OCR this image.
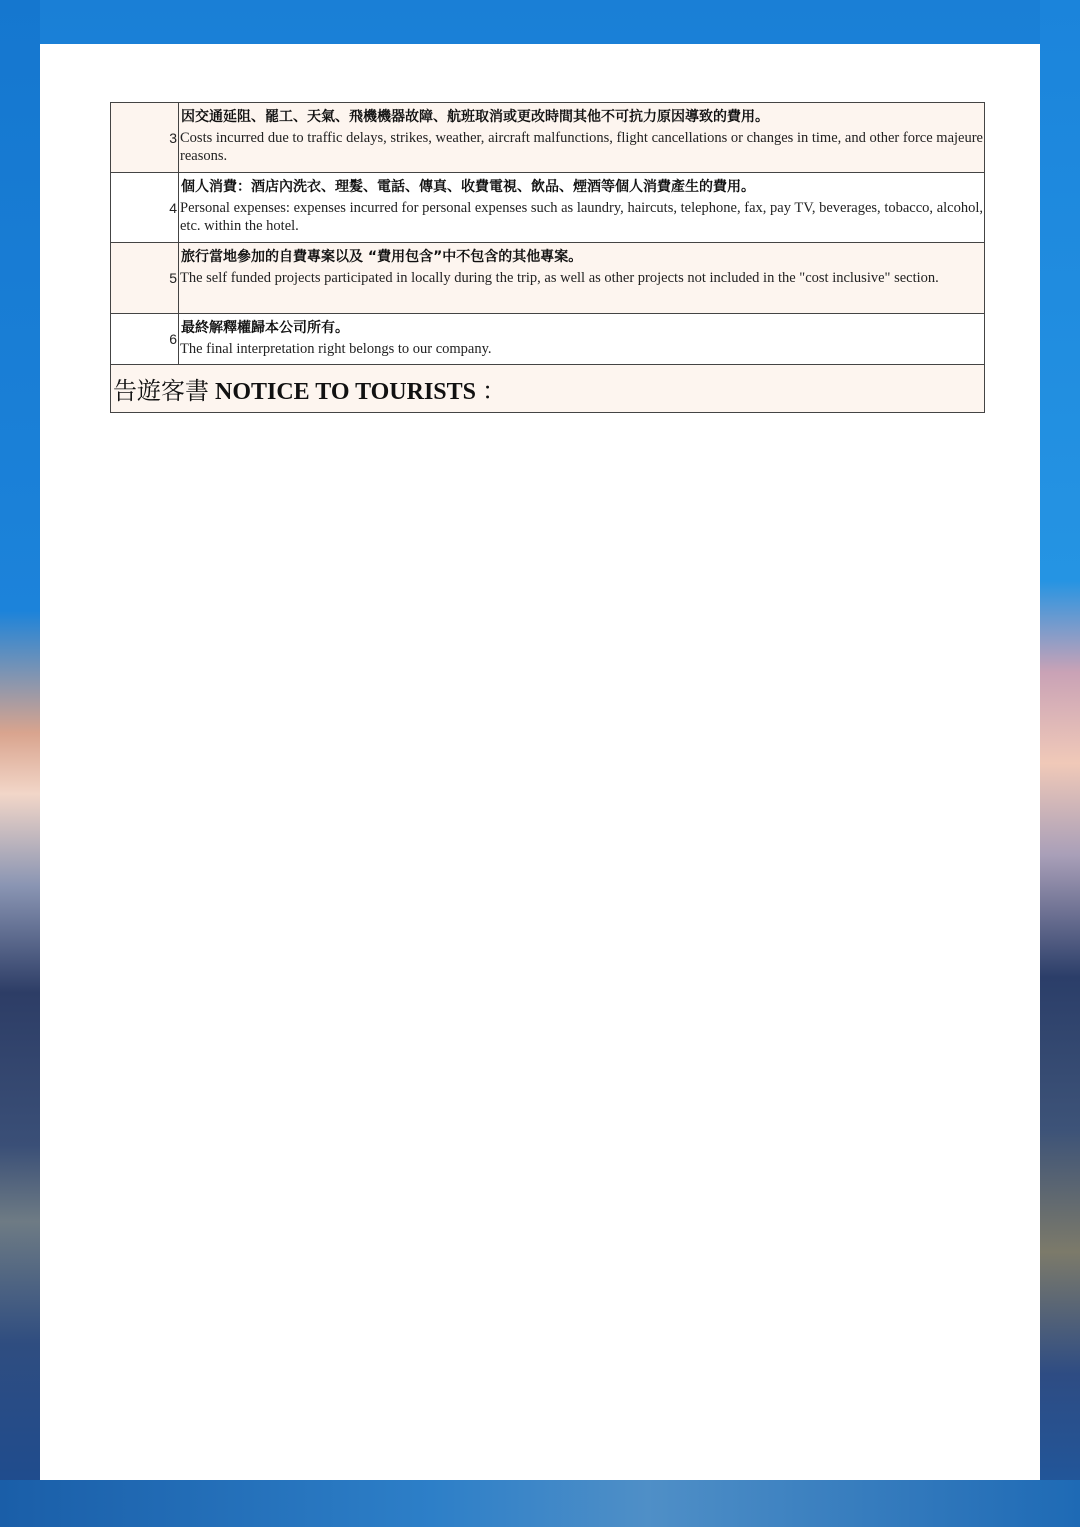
3	因交通延阻、罷工、天氣、飛機機器故障、航班取消或更改時間其他不可抗力原因導致的費用。
Costs incurred due to traffic delays, strikes, weather, aircraft malfunctions, flight cancellations or changes in time, and other force majeure reasons.

4	個人消費：酒店內洗衣、理髮、電話、傳真、收費電視、飲品、煙酒等個人消費產生的費用。
Personal expenses: expenses incurred for personal expenses such as laundry, haircuts, telephone, fax, pay TV, beverages, tobacco, alcohol, etc. within the hotel.

5	旅行當地參加的自費專案以及 “費用包含”中不包含的其他專案。
The self funded projects participated in locally during the trip, as well as other projects not included in the "cost inclusive" section.

6	最終解釋權歸本公司所有。
The final interpretation right belongs to our company.

告遊客書 NOTICE TO TOURISTS ：	
